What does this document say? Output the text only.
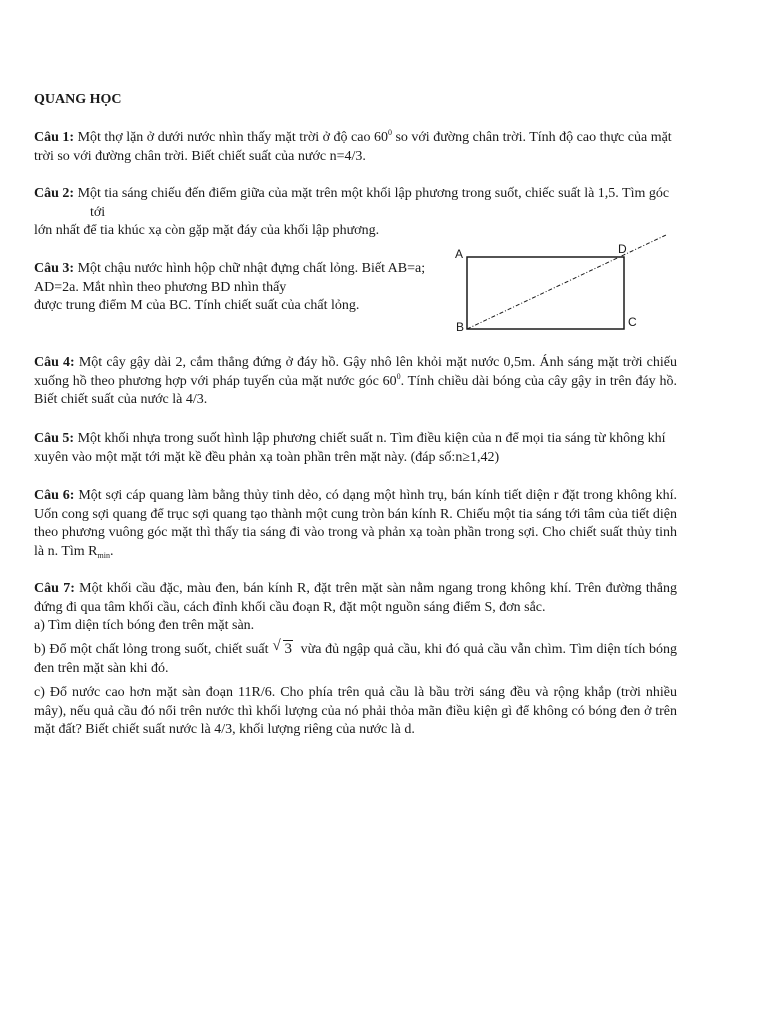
QUANG HỌC
Câu 1: Một thợ lặn ở dưới nước nhìn thấy mặt trời ở độ cao $60^0$ so với đường chân trời. Tính độ cao thực của mặt trời so với đường chân trời. Biết chiết suất của nước n=4/3.
Câu 2: Một tia sáng chiếu đến điểm giữa của mặt trên một khối lập phương trong suốt, chiếc suất là 1,5. Tìm góc
tới
lớn nhất để tia khúc xạ còn gặp mặt đáy của khối lập phương.
Câu 3: Một chậu nước hình hộp chữ nhật đựng chất lỏng. Biết AB=a;
AD=2a. Mắt nhìn theo phương BD nhìn thấy
được trung điểm M của BC. Tính chiết suất của chất lỏng.
Câu 4: Một cây gậy dài 2, cắm thẳng đứng ở đáy hồ. Gậy nhô lên khỏi mặt nước 0,5m. Ánh sáng mặt trời chiếu xuống hồ theo phương hợp với pháp tuyến của mặt nước góc $60^0$. Tính chiều dài bóng của cây gậy in trên đáy hồ. Biết chiết suất của nước là 4/3.
Câu 5: Một khối nhựa trong suốt hình lập phương chiết suất n. Tìm điều kiện của n để mọi tia sáng từ không khí xuyên vào một mặt tới mặt kề đều phản xạ toàn phần trên mặt này. (đáp số:n≥1,42)
Câu 6: Một sợi cáp quang làm bằng thủy tinh dẻo, có dạng một hình trụ, bán kính tiết diện r đặt trong không khí. Uốn cong sợi quang để trục sợi quang tạo thành một cung tròn bán kính R. Chiếu một tia sáng tới tâm của tiết diện theo phương vuông góc mặt thì thấy tia sáng đi vào trong và phản xạ toàn phần trong sợi. Cho chiết suất thủy tinh là n. Tìm $R_{min}$.
Câu 7: Một khối cầu đặc, màu đen, bán kính R, đặt trên mặt sàn nằm ngang trong không khí. Trên đường thẳng đứng đi qua tâm khối cầu, cách đỉnh khối cầu đoạn R, đặt một nguồn sáng điểm S, đơn sắc.
a) Tìm diện tích bóng đen trên mặt sàn.
b) Đổ một chất lỏng trong suốt, chiết suất √ 3 vừa đủ ngập quả cầu, khi đó quả cầu vẫn chìm. Tìm diện tích bóng đen trên mặt sàn khi đó.
c) Đổ nước cao hơn mặt sàn đoạn 11R/6. Cho phía trên quả cầu là bầu trời sáng đều và rộng khắp (trời nhiều mây), nếu quả cầu đó nổi trên nước thì khối lượng của nó phải thỏa mãn điều kiện gì để không có bóng đen ở trên mặt đất? Biết chiết suất nước là 4/3, khối lượng riêng của nước là d.
A
B	C
D
